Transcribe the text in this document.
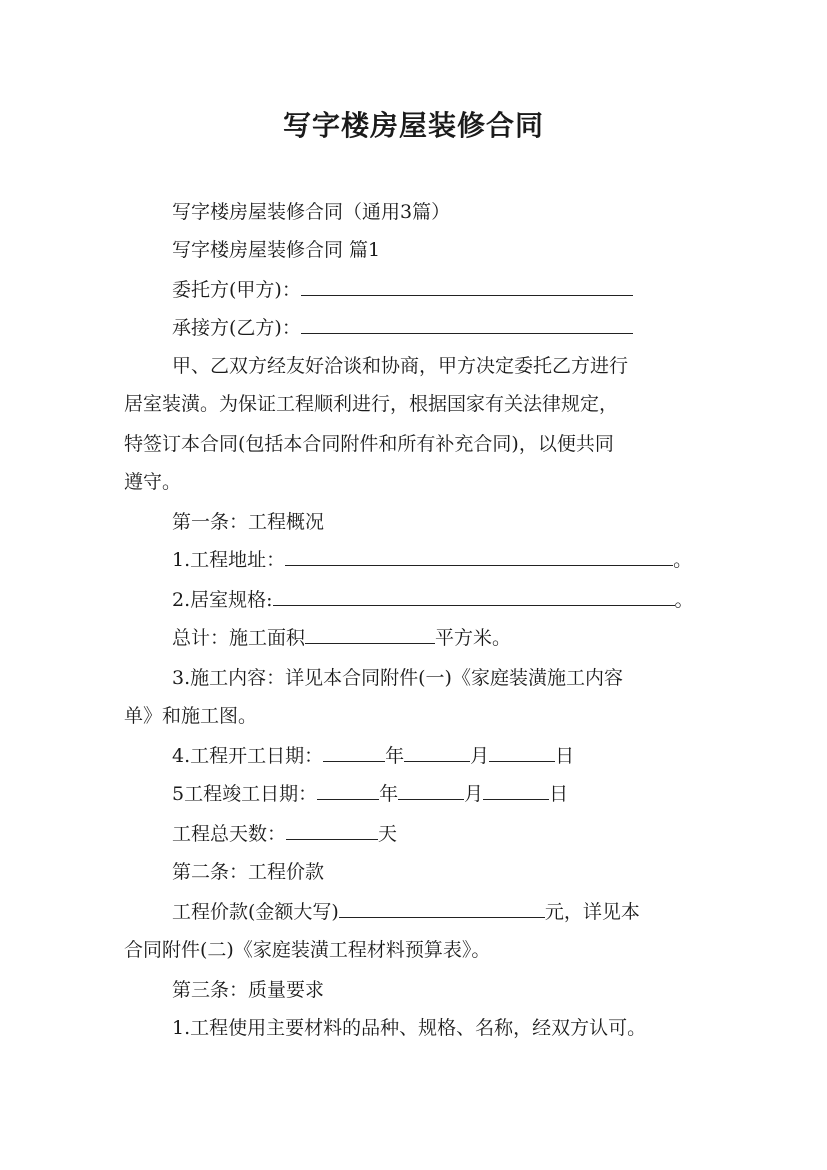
写字楼房屋装修合同
写字楼房屋装修合同（通用3篇）
写字楼房屋装修合同 篇1
委托方(甲方)：
承接方(乙方)：
甲、乙双方经友好洽谈和协商，甲方决定委托乙方进行
居室装潢。为保证工程顺利进行，根据国家有关法律规定，
特签订本合同(包括本合同附件和所有补充合同)，以便共同
遵守。
第一条：工程概况
1.工程地址：	。
2.居室规格:	。
总计：施工面积	平方米。
3.施工内容：详见本合同附件(一)《家庭装潢施工内容
单》和施工图。
4.工程开工日期：	年	月	日
5工程竣工日期：	年	月	日
工程总天数：	天
第二条：工程价款
工程价款(金额大写)	元，详见本
合同附件(二)《家庭装潢工程材料预算表》。
第三条：质量要求
1.工程使用主要材料的品种、规格、名称，经双方认可。
